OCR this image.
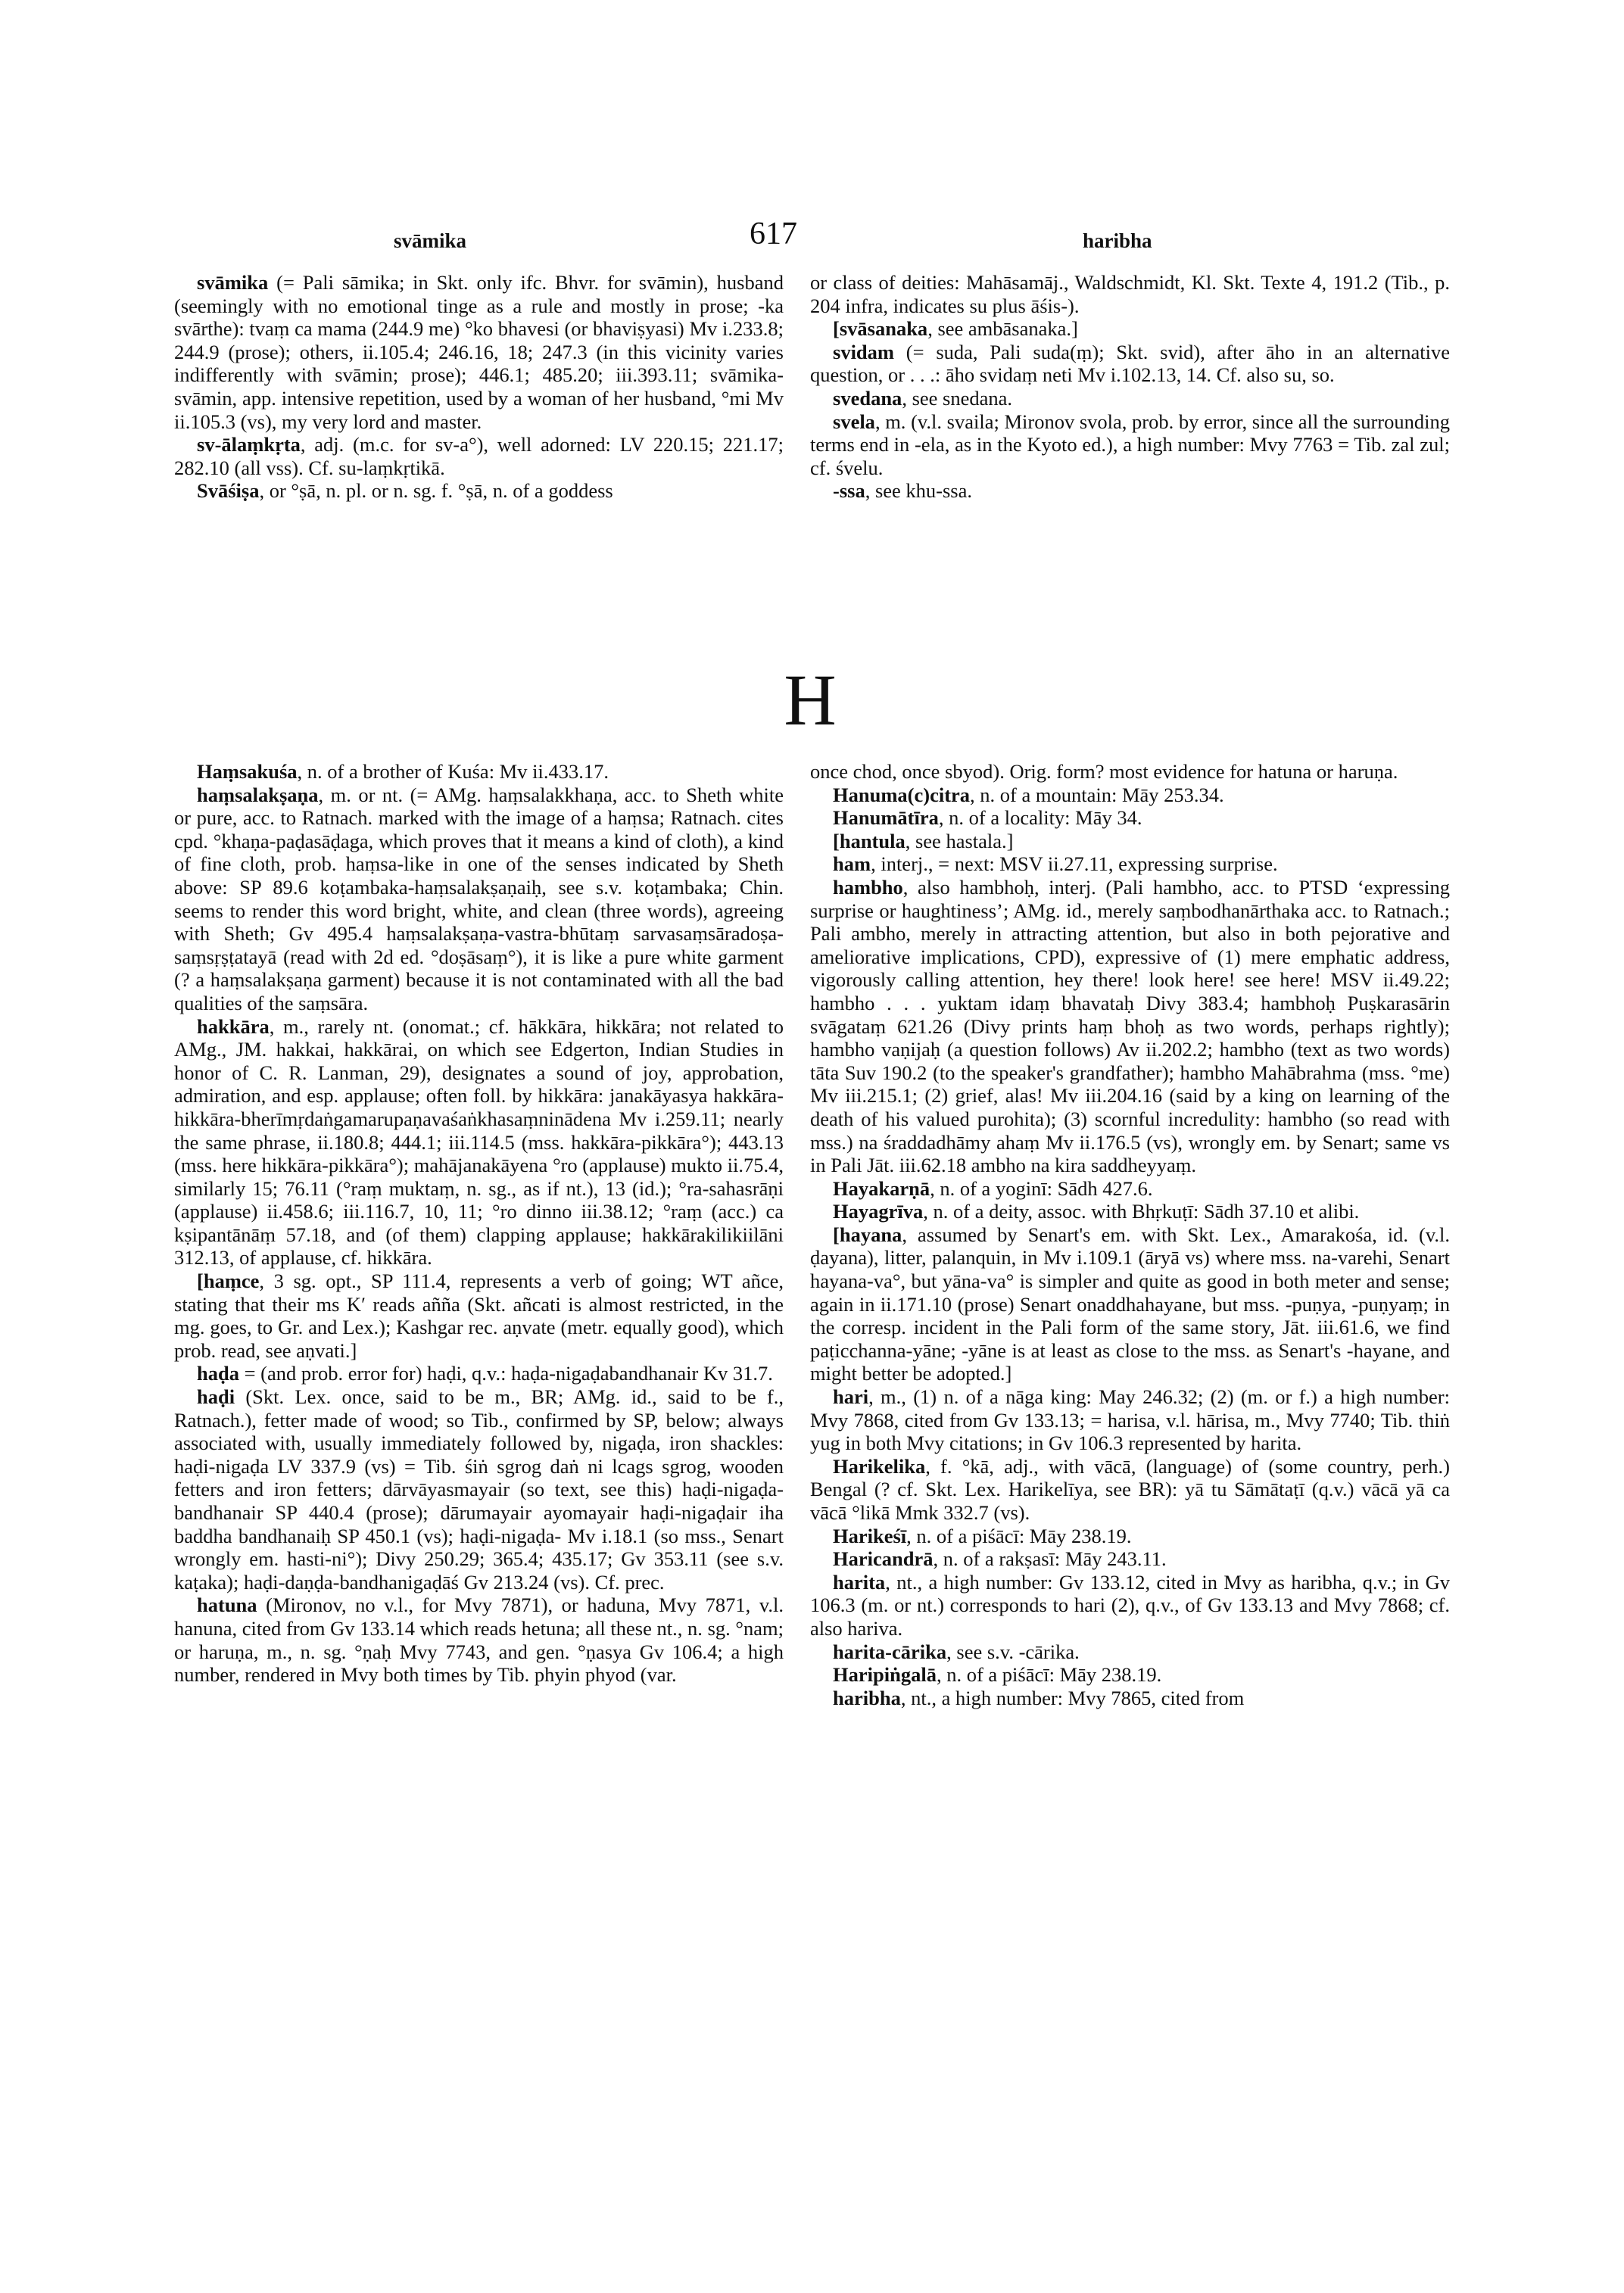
svāmika	617	haribha

svāmika (= Pali sāmika; in Skt. only ifc. Bhvr. for svāmin), husband (seemingly with no emotional tinge as a rule and mostly in prose; -ka svārthe): tvaṃ ca mama (244.9 me) °ko bhavesi (or bhaviṣyasi) Mv i.233.8; 244.9 (prose); others, ii.105.4; 246.16, 18; 247.3 (in this vicinity varies indifferently with svāmin; prose); 446.1; 485.20; iii.393.11; svāmika-svāmin, app. intensive repetition, used by a woman of her husband, °mi Mv ii.105.3 (vs), my very lord and master.

sv-ālaṃkṛta, adj. (m.c. for sv-a°), well adorned: LV 220.15; 221.17; 282.10 (all vss). Cf. su-laṃkṛtikā.

Svāśiṣa, or °ṣā, n. pl. or n. sg. f. °ṣā, n. of a goddess

or class of deities: Mahāsamāj., Waldschmidt, Kl. Skt. Texte 4, 191.2 (Tib., p. 204 infra, indicates su plus āśis-).

[svāsanaka, see ambāsanaka.]

svidam (= suda, Pali suda(ṃ); Skt. svid), after āho in an alternative question, or . . .: āho svidaṃ neti Mv i.102.13, 14. Cf. also su, so.

svedana, see snedana.

svela, m. (v.l. svaila; Mironov svola, prob. by error, since all the surrounding terms end in -ela, as in the Kyoto ed.), a high number: Mvy 7763 = Tib. zal zul; cf. śvelu.

-ssa, see khu-ssa.

H

Haṃsakuśa, n. of a brother of Kuśa: Mv ii.433.17.

haṃsalakṣaṇa, m. or nt. (= AMg. haṃsalakkhaṇa, acc. to Sheth white or pure, acc. to Ratnach. marked with the image of a haṃsa; Ratnach. cites cpd. °khaṇa-paḍasāḍaga, which proves that it means a kind of cloth), a kind of fine cloth, prob. haṃsa-like in one of the senses indicated by Sheth above: SP 89.6 koṭambaka-haṃsalakṣaṇaiḥ, see s.v. koṭambaka; Chin. seems to render this word bright, white, and clean (three words), agreeing with Sheth; Gv 495.4 haṃsalakṣaṇa-vastra-bhūtaṃ sarvasaṃsāradoṣa-saṃsṛṣṭatayā (read with 2d ed. °doṣāsaṃ°), it is like a pure white garment (? a haṃsalakṣaṇa garment) because it is not contaminated with all the bad qualities of the saṃsāra.

hakkāra, m., rarely nt. (onomat.; cf. hākkāra, hikkāra; not related to AMg., JM. hakkai, hakkārai, on which see Edgerton, Indian Studies in honor of C. R. Lanman, 29), designates a sound of joy, approbation, admiration, and esp. applause; often foll. by hikkāra: janakāyasya hakkāra-hikkāra-bherīmṛdaṅgamarupaṇavaśaṅkhasaṃninādena Mv i.259.11; nearly the same phrase, ii.180.8; 444.1; iii.114.5 (mss. hakkāra-pikkāra°); 443.13 (mss. here hikkāra-pikkāra°); mahājanakāyena °ro (applause) mukto ii.75.4, similarly 15; 76.11 (°raṃ muktaṃ, n. sg., as if nt.), 13 (id.); °ra-sahasrāṇi (applause) ii.458.6; iii.116.7, 10, 11; °ro dinno iii.38.12; °raṃ (acc.) ca kṣipantānāṃ 57.18, and (of them) clapping applause; hakkārakilikiilāni 312.13, of applause, cf. hikkāra.

[haṃce, 3 sg. opt., SP 111.4, represents a verb of going; WT añce, stating that their ms K′ reads añña (Skt. añcati is almost restricted, in the mg. goes, to Gr. and Lex.); Kashgar rec. aṇvate (metr. equally good), which prob. read, see aṇvati.]

haḍa = (and prob. error for) haḍi, q.v.: haḍa-nigaḍabandhanair Kv 31.7.

haḍi (Skt. Lex. once, said to be m., BR; AMg. id., said to be f., Ratnach.), fetter made of wood; so Tib., confirmed by SP, below; always associated with, usually immediately followed by, nigaḍa, iron shackles: haḍi-nigaḍa LV 337.9 (vs) = Tib. śiṅ sgrog daṅ ni lcags sgrog, wooden fetters and iron fetters; dārvāyasmayair (so text, see this) haḍi-nigaḍa-bandhanair SP 440.4 (prose); dārumayair ayomayair haḍi-nigaḍair iha baddha bandhanaiḥ SP 450.1 (vs); haḍi-nigaḍa- Mv i.18.1 (so mss., Senart wrongly em. hasti-ni°); Divy 250.29; 365.4; 435.17; Gv 353.11 (see s.v. kaṭaka); haḍi-daṇḍa-bandhanigaḍāś Gv 213.24 (vs). Cf. prec.

hatuna (Mironov, no v.l., for Mvy 7871), or haduna, Mvy 7871, v.l. hanuna, cited from Gv 133.14 which reads hetuna; all these nt., n. sg. °nam; or haruṇa, m., n. sg. °ṇaḥ Mvy 7743, and gen. °ṇasya Gv 106.4; a high number, rendered in Mvy both times by Tib. phyin phyod (var.

once chod, once sbyod). Orig. form? most evidence for hatuna or haruṇa.

Hanuma(c)citra, n. of a mountain: Māy 253.34.

Hanumātīra, n. of a locality: Māy 34.

[hantula, see hastala.]

ham, interj., = next: MSV ii.27.11, expressing surprise.

hambho, also hambhoḥ, interj. (Pali hambho, acc. to PTSD ‘expressing surprise or haughtiness’; AMg. id., merely saṃbodhanārthaka acc. to Ratnach.; Pali ambho, merely in attracting attention, but also in both pejorative and ameliorative implications, CPD), expressive of (1) mere emphatic address, vigorously calling attention, hey there! look here! see here! MSV ii.49.22; hambho . . . yuktam idaṃ bhavataḥ Divy 383.4; hambhoḥ Puṣkarasārin svāgataṃ 621.26 (Divy prints haṃ bhoḥ as two words, perhaps rightly); hambho vaṇijaḥ (a question follows) Av ii.202.2; hambho (text as two words) tāta Suv 190.2 (to the speaker's grandfather); hambho Mahābrahma (mss. °me) Mv iii.215.1; (2) grief, alas! Mv iii.204.16 (said by a king on learning of the death of his valued purohita); (3) scornful incredulity: hambho (so read with mss.) na śraddadhāmy ahaṃ Mv ii.176.5 (vs), wrongly em. by Senart; same vs in Pali Jāt. iii.62.18 ambho na kira saddheyyaṃ.

Hayakarṇā, n. of a yoginī: Sādh 427.6.

Hayagrīva, n. of a deity, assoc. with Bhṛkuṭī: Sādh 37.10 et alibi.

[hayana, assumed by Senart's em. with Skt. Lex., Amarakośa, id. (v.l. ḍayana), litter, palanquin, in Mv i.109.1 (āryā vs) where mss. na-varehi, Senart hayana-va°, but yāna-va° is simpler and quite as good in both meter and sense; again in ii.171.10 (prose) Senart onaddhahayane, but mss. -puṇya, -puṇyaṃ; in the corresp. incident in the Pali form of the same story, Jāt. iii.61.6, we find paṭicchanna-yāne; -yāne is at least as close to the mss. as Senart's -hayane, and might better be adopted.]

hari, m., (1) n. of a nāga king: May 246.32; (2) (m. or f.) a high number: Mvy 7868, cited from Gv 133.13; = harisa, v.l. hārisa, m., Mvy 7740; Tib. thiṅ yug in both Mvy citations; in Gv 106.3 represented by harita.

Harikelika, f. °kā, adj., with vācā, (language) of (some country, perh.) Bengal (? cf. Skt. Lex. Harikelīya, see BR): yā tu Sāmātaṭī (q.v.) vācā yā ca vācā °likā Mmk 332.7 (vs).

Harikeśī, n. of a piśācī: Māy 238.19.

Haricandrā, n. of a rakṣasī: Māy 243.11.

harita, nt., a high number: Gv 133.12, cited in Mvy as haribha, q.v.; in Gv 106.3 (m. or nt.) corresponds to hari (2), q.v., of Gv 133.13 and Mvy 7868; cf. also hariva.

harita-cārika, see s.v. -cārika.

Haripiṅgalā, n. of a piśācī: Māy 238.19.

haribha, nt., a high number: Mvy 7865, cited from
